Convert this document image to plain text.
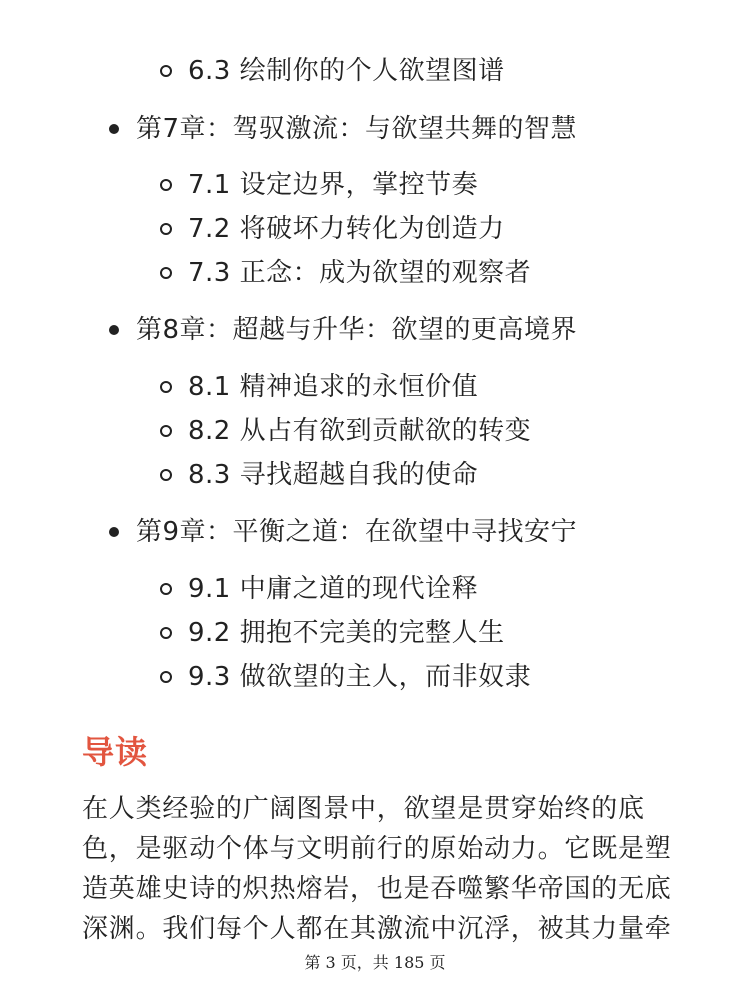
6.3 绘制你的个人欲望图谱
第7章：驾驭激流：与欲望共舞的智慧
7.1 设定边界，掌控节奏
7.2 将破坏力转化为创造力
7.3 正念：成为欲望的观察者
第8章：超越与升华：欲望的更高境界
8.1 精神追求的永恒价值
8.2 从占有欲到贡献欲的转变
8.3 寻找超越自我的使命
第9章：平衡之道：在欲望中寻找安宁
9.1 中庸之道的现代诠释
9.2 拥抱不完美的完整人生
9.3 做欲望的主人，而非奴隶
导读
在人类经验的广阔图景中，欲望是贯穿始终的底
色，是驱动个体与文明前行的原始动力。它既是塑
造英雄史诗的炽热熔岩，也是吞噬繁华帝国的无底
深渊。我们每个人都在其激流中沉浮，被其力量牵
第 3 页，共 185 页
